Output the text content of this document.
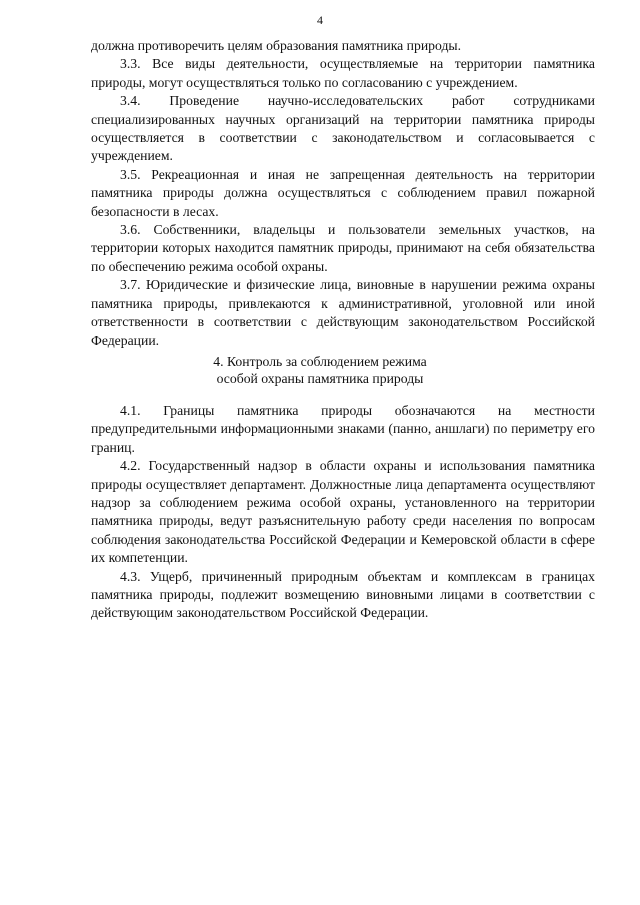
4

должна противоречить целям образования памятника природы.

3.3. Все виды деятельности, осуществляемые на территории памятника природы, могут осуществляться только по согласованию с учреждением.

3.4. Проведение научно-исследовательских работ сотрудниками специализированных научных организаций на территории памятника природы осуществляется в соответствии с законодательством и согласовывается с учреждением.

3.5. Рекреационная и иная не запрещенная деятельность на территории памятника природы должна осуществляться с соблюдением правил пожарной безопасности в лесах.

3.6. Собственники, владельцы и пользователи земельных участков, на территории которых находится памятник природы, принимают на себя обязательства по обеспечению режима особой охраны.

3.7. Юридические и физические лица, виновные в нарушении режима охраны памятника природы, привлекаются к административной, уголовной или иной ответственности в соответствии с действующим законодательством Российской Федерации.

4. Контроль за соблюдением режима
особой охраны памятника природы

4.1. Границы памятника природы обозначаются на местности предупредительными информационными знаками (панно, аншлаги) по периметру его границ.

4.2. Государственный надзор в области охраны и использования памятника природы осуществляет департамент. Должностные лица департамента осуществляют надзор за соблюдением режима особой охраны, установленного на территории памятника природы, ведут разъяснительную работу среди населения по вопросам соблюдения законодательства Российской Федерации и Кемеровской области в сфере их компетенции.

4.3. Ущерб, причиненный природным объектам и комплексам в границах памятника природы, подлежит возмещению виновными лицами в соответствии с действующим законодательством Российской Федерации.
